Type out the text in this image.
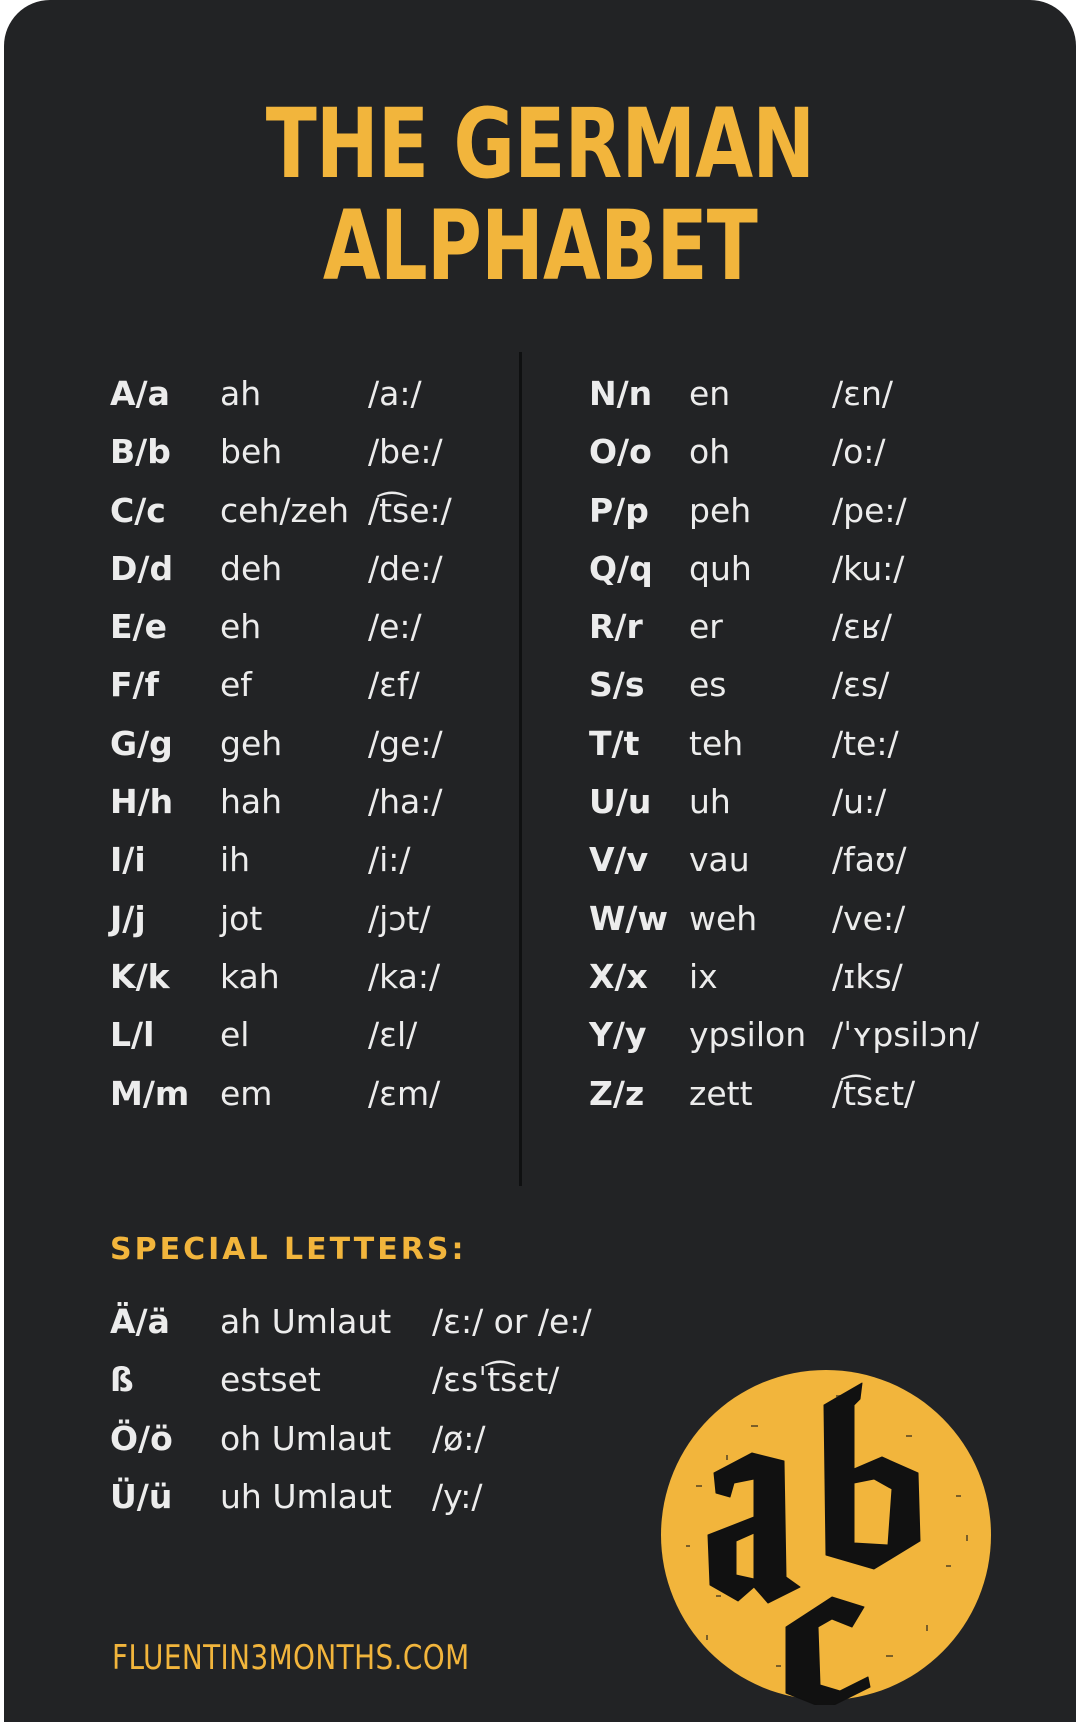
THE GERMAN
ALPHABET
A/a ah	/a:/
B/b beh	/be:/
C/c ceh/zeh /t͡se:/
D/d deh	/de:/
E/e eh	/e:/
F/f ef	/ɛf/
G/g geh	/ge:/
H/h hah	/ha:/
I/i ih	/i:/
J/j jot	/jɔt/
K/k kah	/ka:/
L/l el	/ɛl/
M/m em	/ɛm/
N/n en	/ɛn/
O/o oh	/o:/
P/p peh /pe:/
Q/q quh /ku:/
R/r er	/ɛʁ/
S/s es	/ɛs/
T/t teh	/te:/
U/u uh	/u:/
V/v vau /faʊ/
W/w weh /ve:/
X/x ix	/ɪks/
Y/y ypsilon /ˈʏpsilɔn/
Z/z zett /t͡sɛt/
SPECIAL LETTERS:
Ä/ä ah Umlaut /ɛ:/ or /e:/
ß	estset	/ɛsˈt͡sɛt/
Ö/ö oh Umlaut /ø:/
Ü/ü uh Umlaut /y:/
FLUENTIN3MONTHS.COM
